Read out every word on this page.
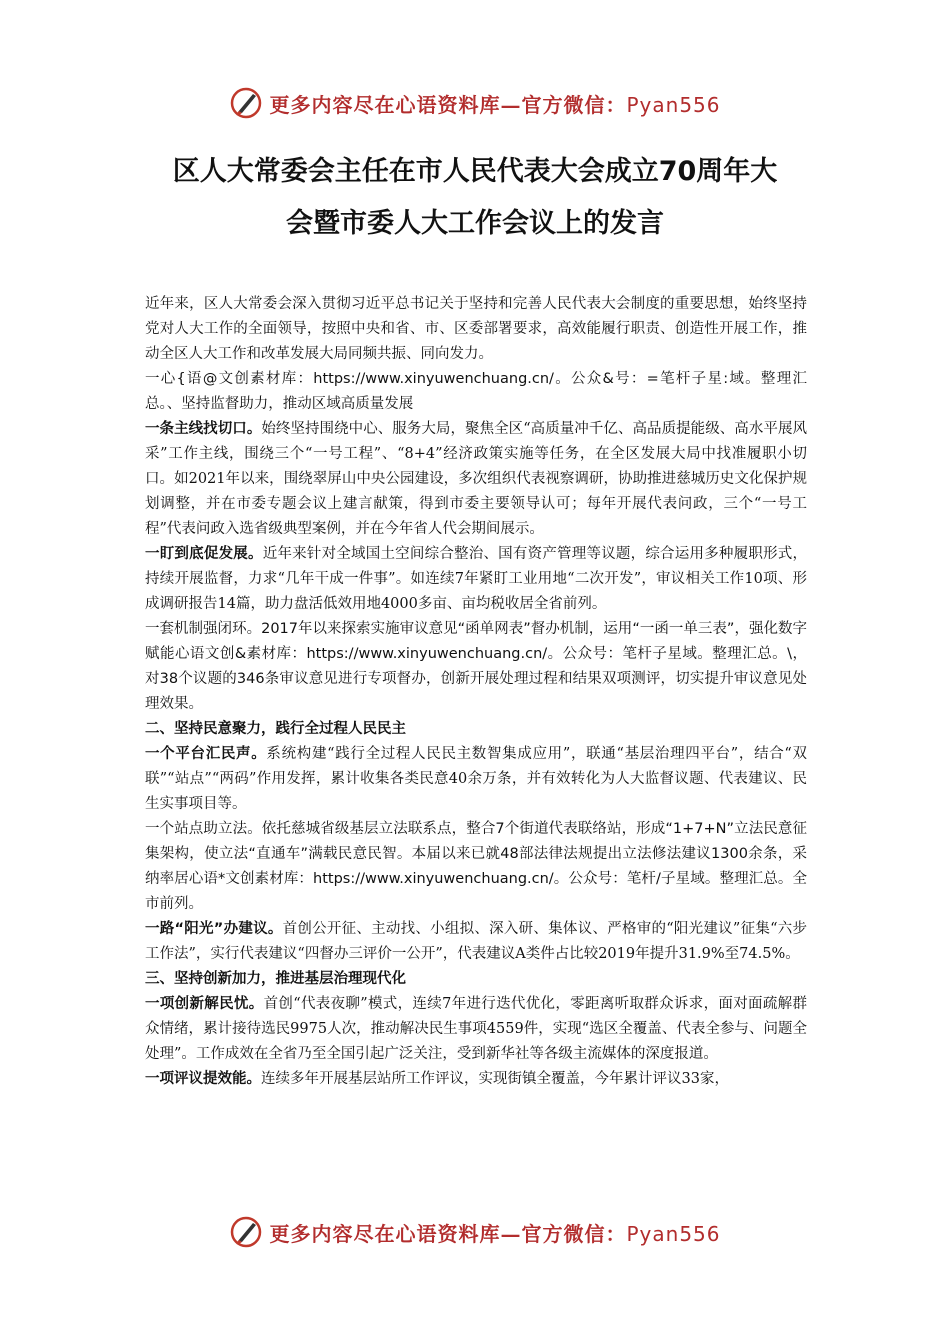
更多内容尽在心语资料库—官方微信：Pyan556
区人大常委会主任在市人民代表大会成立70周年大
会暨市委人大工作会议上的发言

近年来，区人大常委会深入贯彻习近平总书记关于坚持和完善人民代表大会制度的重要思想，始终坚持党对人大工作的全面领导，按照中央和省、市、区委部署要求，高效能履行职责、创造性开展工作，推动全区人大工作和改革发展大局同频共振、同向发力。

一心{语@文创素材库：https://www.xinyuwenchuang.cn/。公众&号：=笔杆子星:域。整理汇总。、坚持监督助力，推动区域高质量发展

一条主线找切口。始终坚持围绕中心、服务大局，聚焦全区“高质量冲千亿、高品质提能级、高水平展风采”工作主线，围绕三个“一号工程”、“8+4”经济政策实施等任务，在全区发展大局中找准履职小切口。如2021年以来，围绕翠屏山中央公园建设，多次组织代表视察调研，协助推进慈城历史文化保护规划调整，并在市委专题会议上建言献策，得到市委主要领导认可；每年开展代表问政，三个“一号工程”代表问政入选省级典型案例，并在今年省人代会期间展示。

一盯到底促发展。近年来针对全域国土空间综合整治、国有资产管理等议题，综合运用多种履职形式，持续开展监督，力求“几年干成一件事”。如连续7年紧盯工业用地“二次开发”，审议相关工作10项、形成调研报告14篇，助力盘活低效用地4000多亩、亩均税收居全省前列。

一套机制强闭环。2017年以来探索实施审议意见“函单网表”督办机制，运用“一函一单三表”，强化数字赋能心语文创&素材库：https://www.xinyuwenchuang.cn/。公众号：笔杆子星域。整理汇总。\，对38个议题的346条审议意见进行专项督办，创新开展处理过程和结果双项测评，切实提升审议意见处理效果。

二、坚持民意聚力，践行全过程人民民主

一个平台汇民声。系统构建“践行全过程人民民主数智集成应用”，联通“基层治理四平台”，结合“双联”“站点”“两码”作用发挥，累计收集各类民意40余万条，并有效转化为人大监督议题、代表建议、民生实事项目等。

一个站点助立法。依托慈城省级基层立法联系点，整合7个街道代表联络站，形成“1+7+N”立法民意征集架构，使立法“直通车”满载民意民智。本届以来已就48部法律法规提出立法修法建议1300余条，采纳率居心语*文创素材库：https://www.xinyuwenchuang.cn/。公众号：笔杆/子星域。整理汇总。全市前列。

一路“阳光”办建议。首创公开征、主动找、小组拟、深入研、集体议、严格审的“阳光建议”征集“六步工作法”，实行代表建议“四督办三评价一公开”，代表建议A类件占比较2019年提升31.9%至74.5%。

三、坚持创新加力，推进基层治理现代化

一项创新解民忧。首创“代表夜聊”模式，连续7年进行迭代优化，零距离听取群众诉求，面对面疏解群众情绪，累计接待选民9975人次，推动解决民生事项4559件，实现“选区全覆盖、代表全参与、问题全处理”。工作成效在全省乃至全国引起广泛关注，受到新华社等各级主流媒体的深度报道。

一项评议提效能。连续多年开展基层站所工作评议，实现街镇全覆盖，今年累计评议33家，

更多内容尽在心语资料库—官方微信：Pyan556
